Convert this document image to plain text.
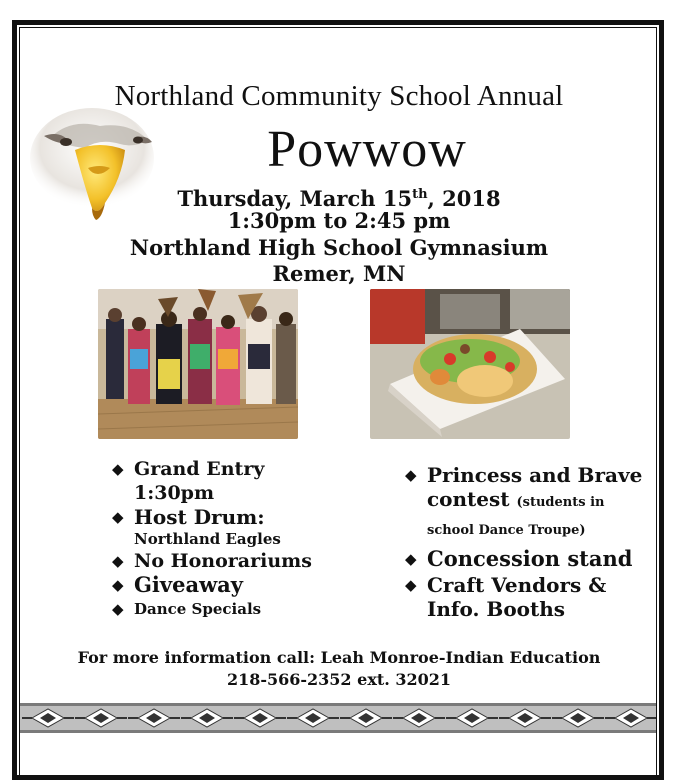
Northland Community School Annual
Powwow
Thursday, March 15th, 2018
1:30pm to 2:45 pm
Northland High School Gymnasium
Remer, MN
◆ Grand Entry
1:30pm
◆ Host Drum:
Northland Eagles
◆ No Honorariums
◆ Giveaway
◆ Dance Specials
◆ Princess and Brave
contest (students in
school Dance Troupe)
◆ Concession stand
◆ Craft Vendors &
Info. Booths
For more information call: Leah Monroe-Indian Education
218-566-2352 ext. 32021
